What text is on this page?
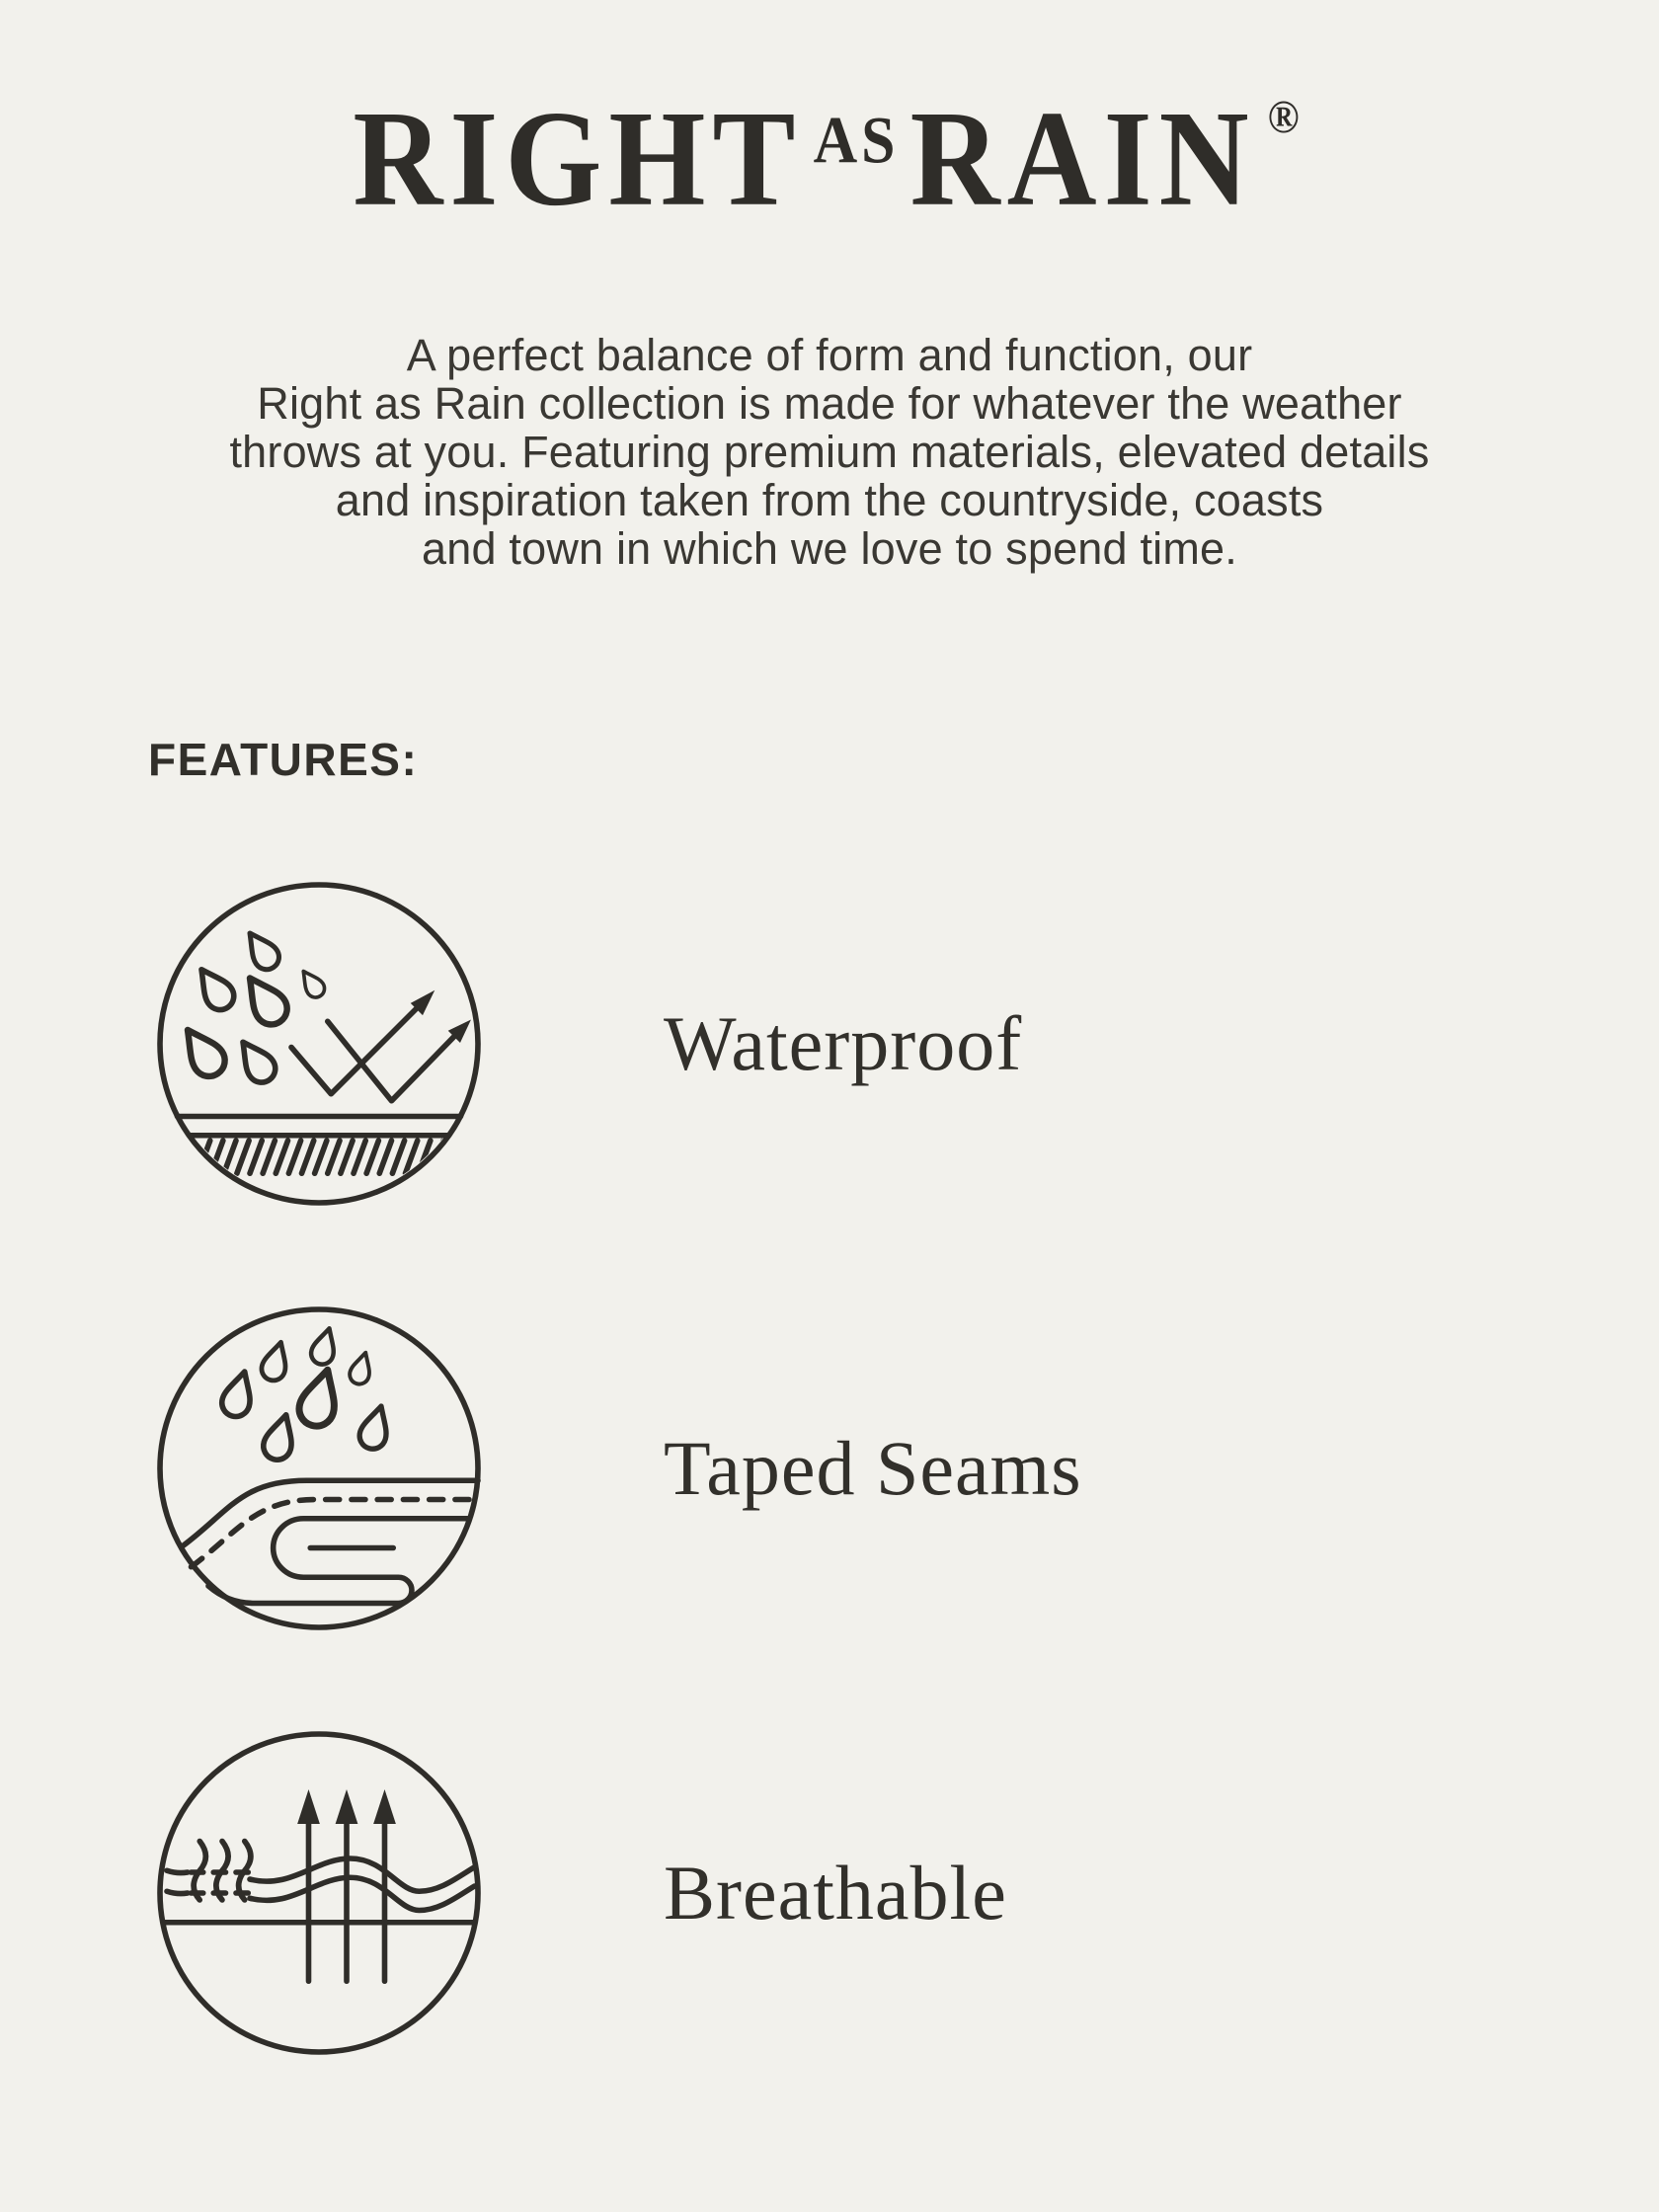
RIGHT ASRAIN ®
A perfect balance of form and function, our
Right as Rain collection is made for whatever the weather
throws at you. Featuring premium materials, elevated details
and inspiration taken from the countryside, coasts
and town in which we love to spend time.
FEATURES:
Waterproof
Taped Seams
Breathable
